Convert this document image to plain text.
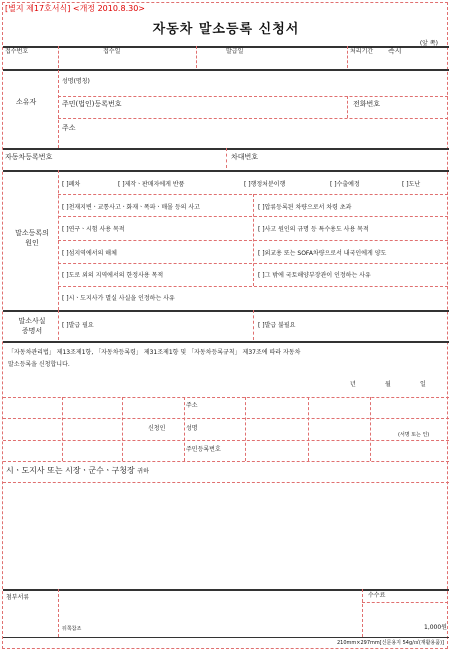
[별지 제17호서식] <개정 2010.8.30>
자동차 말소등록 신청서
(앞 쪽)
접수번호	접수일	발급일	처리기간 즉시
소유자
성명(명칭)
주민(법인)등록번호	전화번호
주소
자동차등록번호	차대번호
말소등록의
원인
[ ]폐차	[ ]제작ㆍ판매자에게 반품	[ ]행정처분이행	[ ]수출예정	[ ]도난
[ ]천재지변ㆍ교통사고ㆍ화재ㆍ폭파ㆍ매몰 등의 사고	[ ]압류등록된 차량으로서 차령 초과
[ ]연구ㆍ시험 사용 목적	[ ]사고 원인의 규명 등 특수용도 사용 목적
[ ]섬지역에서의 해체	[ ]외교용 또는 SOFA차량으로서 내국인에게 양도
[ ]도로 외의 지역에서의 한정사용 목적	[ ]그 밖에 국토해양부장관이 인정하는 사유
[ ]시ㆍ도지사가 멸실 사실을 인정하는 사유
말소사실
증명서
[ ]발급 필요	[ ]발급 불필요
「자동차관리법」 제13조제1항, 「자동차등록령」 제31조제1항 및 「자동차등록규칙」 제37조에 따라 자동차
말소등록을 신청합니다.
년	월	일
주소
신청인	성명
(서명 또는 인)
주민등록번호
시ㆍ도지사 또는 시장ㆍ군수ㆍ구청장 귀하
첨부서류	수수료
뒤쪽참조	1,000원
210mm×297mm[신문용지 54g/㎡(재활용품)]
